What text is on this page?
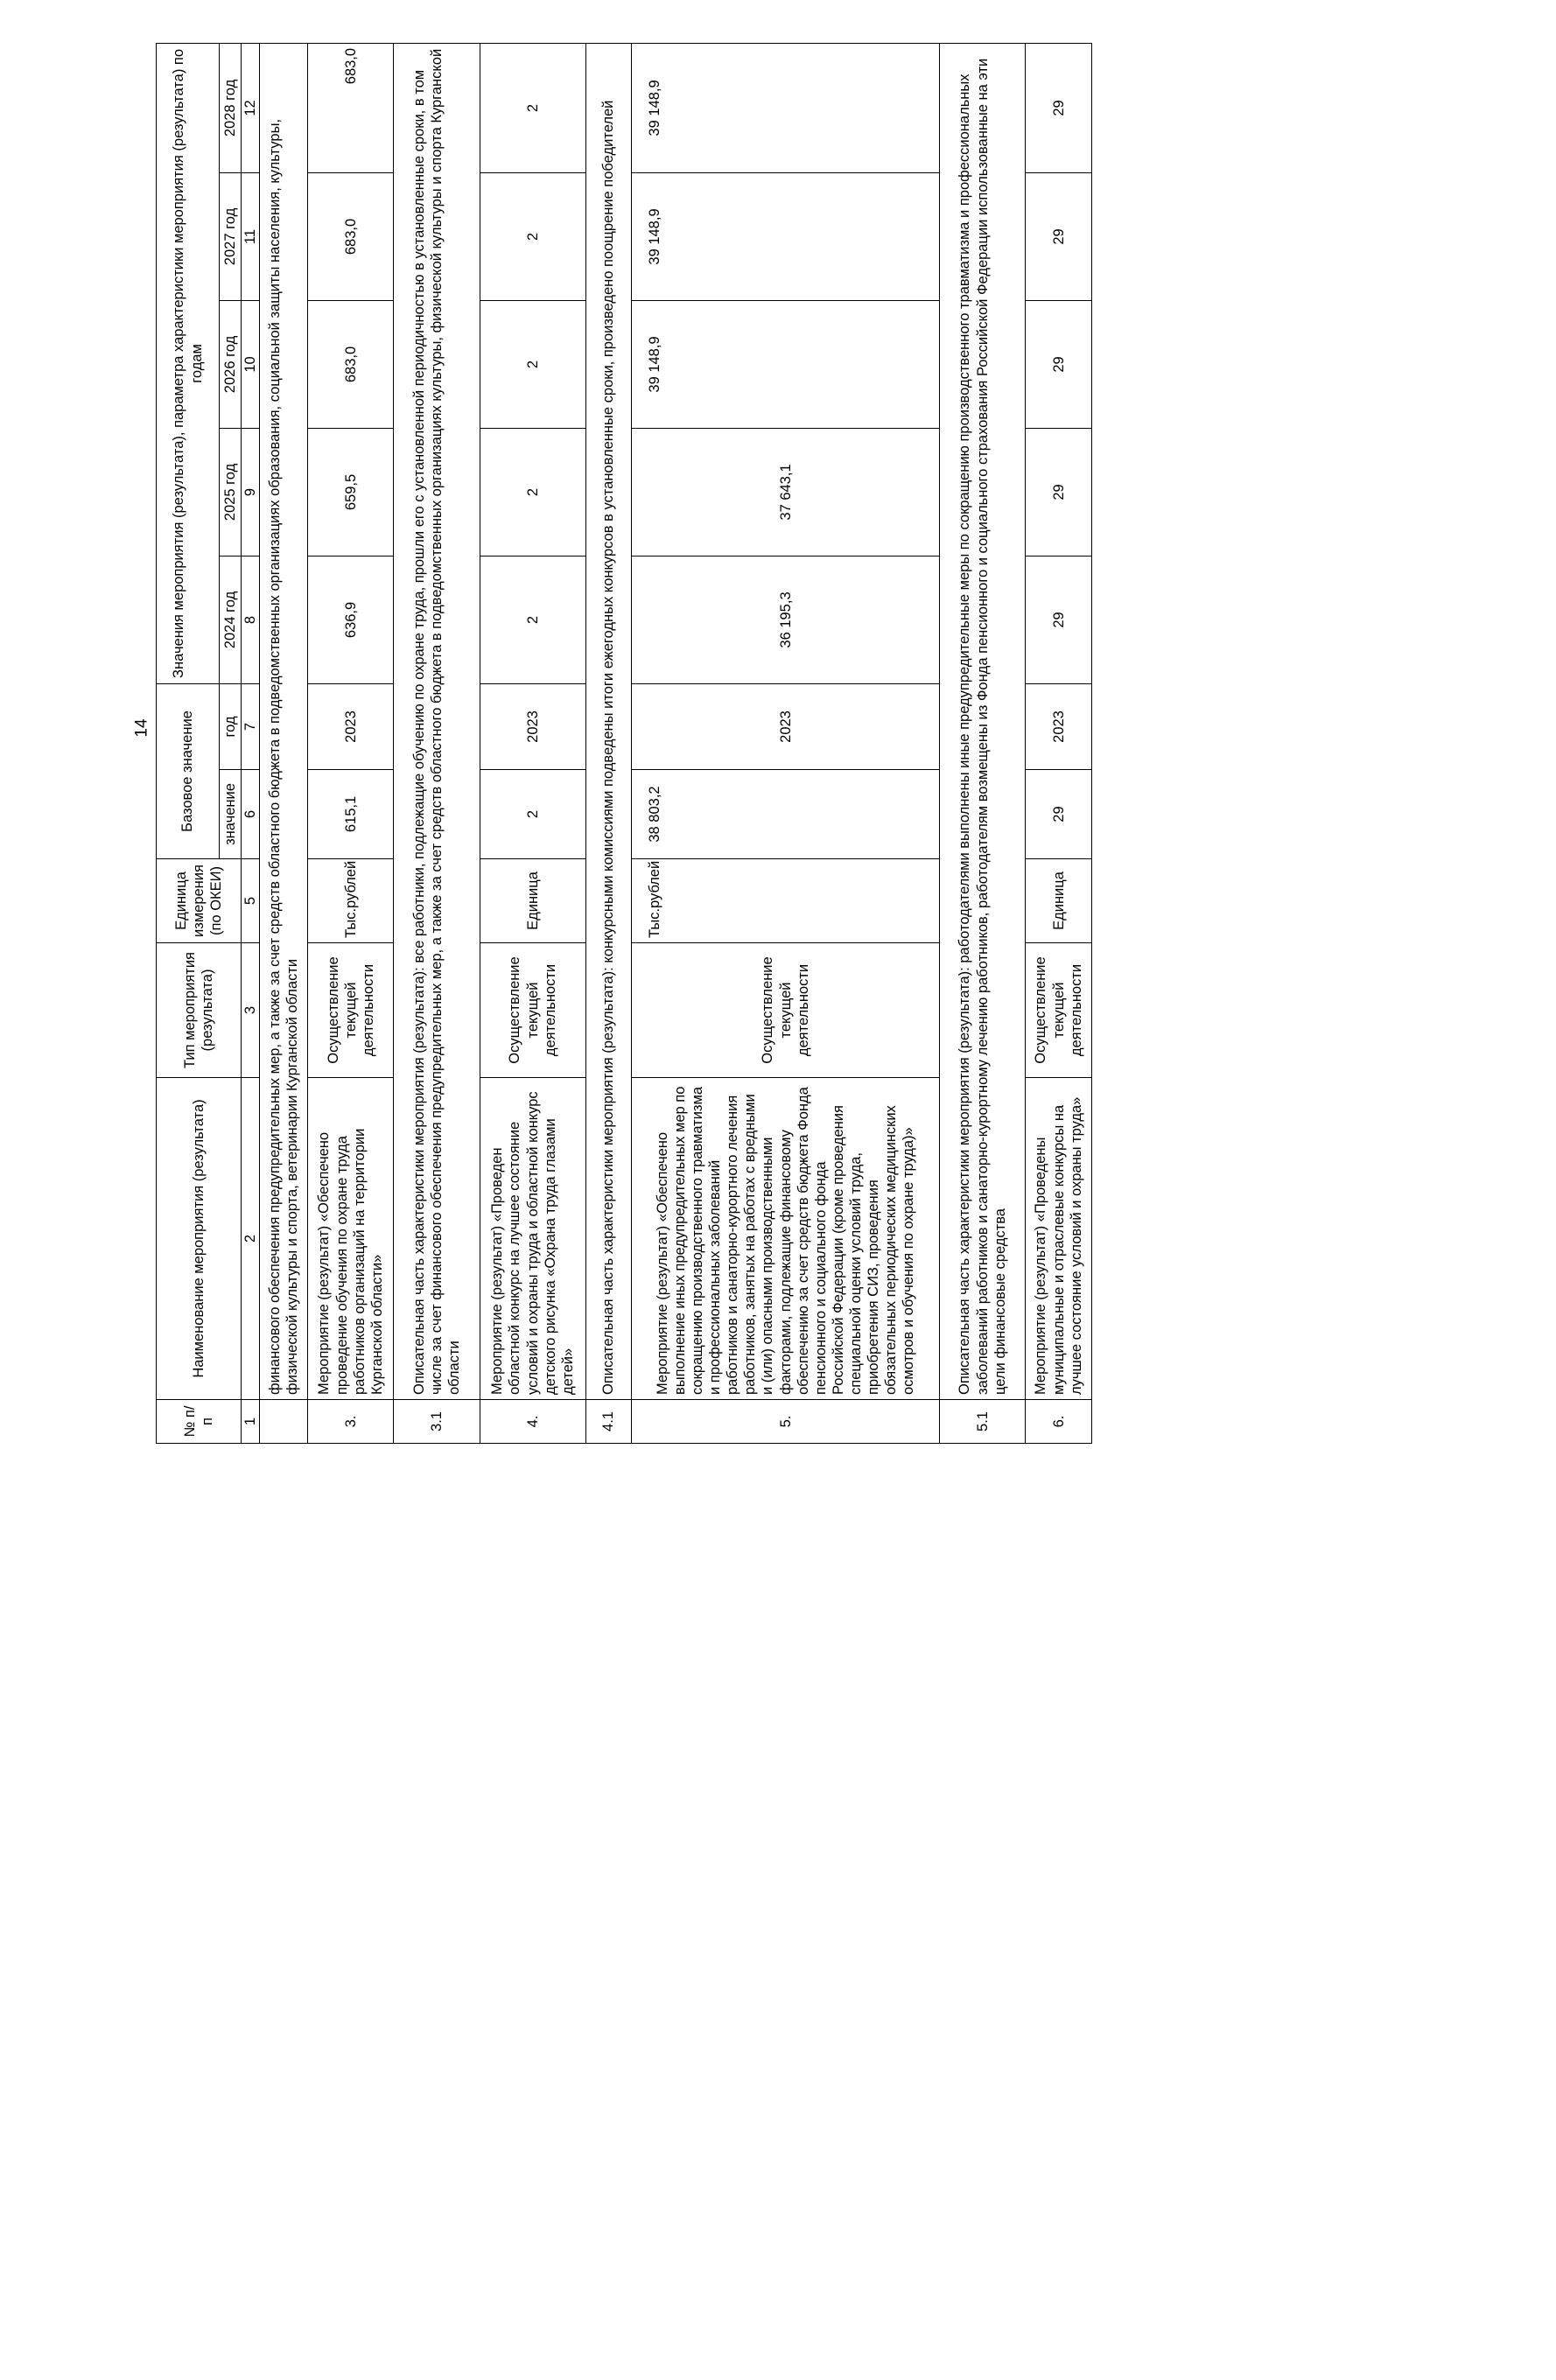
14
№ п/п	Наименование мероприятия (результата)	Тип мероприятия (результата)	Единица измерения (по ОКЕИ)	Базовое значение		Значения мероприятия (результата), параметра характеристики мероприятия (результата) по годам				

				значение	год	2024 год	2025 год	2026 год	2027 год	2028 год
1	2	3	5	6	7	8	9	10	11	12
	финансового обеспечения предупредительных мер, а также за счет средств областного бюджета в подведомственных организациях образования, социальной защиты населения, культуры, физической культуры и спорта, ветеринарии Курганской области									
3.	Мероприятие (результат) «Обеспечено проведение обучения по охране труда работников организаций на территории Курганской области»	Осуществление текущей деятельности	Тыс.рублей	615,1	2023	636,9	659,5	683,0	683,0	683,0
3.1	Описательная часть характеристики мероприятия (результата): все работники, подлежащие обучению по охране труда, прошли его с установленной периодичностью в установленные сроки, в том числе за счет финансового обеспечения предупредительных мер, а также за счет средств областного бюджета в подведомственных организациях культуры, физической культуры и спорта Курганской области									
4.	Мероприятие (результат) «Проведен областной конкурс на лучшее состояние условий и охраны труда и областной конкурс детского рисунка «Охрана труда глазами детей»	Осуществление текущей деятельности	Единица	2	2023	2	2	2	2	2
4.1	Описательная часть характеристики мероприятия (результата): конкурсными комиссиями подведены итоги ежегодных конкурсов в установленные сроки, произведено поощрение победителей									
5.	Мероприятие (результат) «Обеспечено выполнение иных предупредительных мер по сокращению производственного травматизма и профессиональных заболеваний работников и санаторно-курортного лечения работников, занятых на работах с вредными и (или) опасными производственными факторами, подлежащие финансовому обеспечению за счет средств бюджета Фонда пенсионного и социального фонда Российской Федерации (кроме проведения специальной оценки условий труда, приобретения СИЗ, проведения обязательных периодических медицинских осмотров и обучения по охране труда)»	Осуществление текущей деятельности	Тыс.рублей	38 803,2	2023	36 195,3	37 643,1	39 148,9	39 148,9	39 148,9
5.1	Описательная часть характеристики мероприятия (результата): работодателями выполнены иные предупредительные меры по сокращению производственного травматизма и профессиональных заболеваний работников и санаторно-курортному лечению работников, работодателям возмещены из Фонда пенсионного и социального страхования Российской Федерации использованные на эти цели финансовые средства									
6.	Мероприятие (результат) «Проведены муниципальные и отраслевые конкурсы на лучшее состояние условий и охраны труда»	Осуществление текущей деятельности	Единица	29	2023	29	29	29	29	29
